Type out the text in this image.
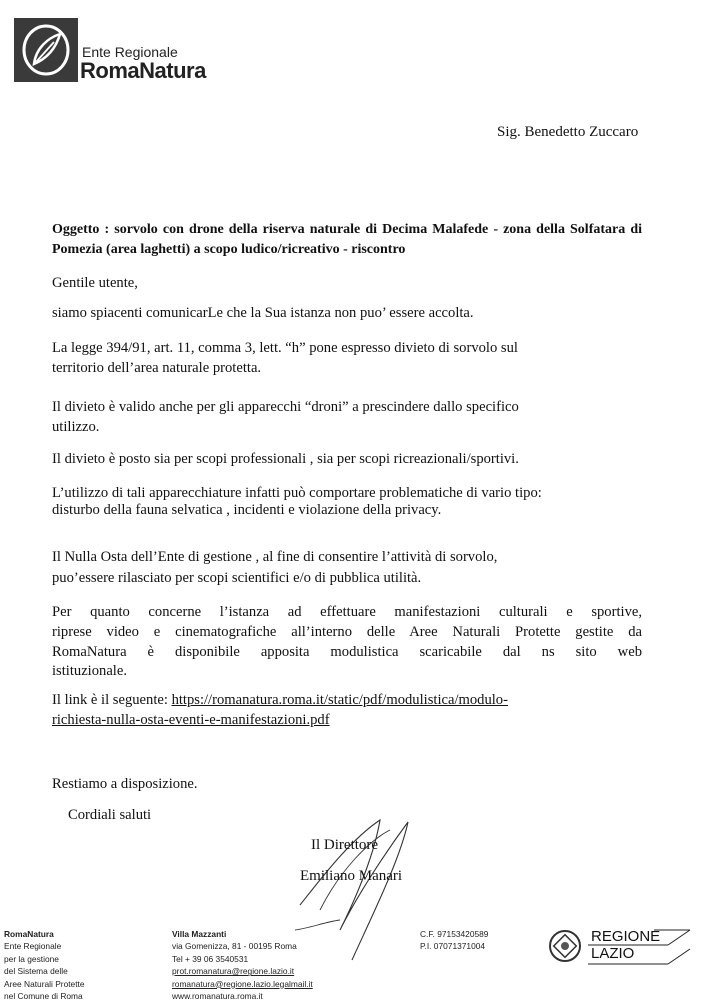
Ente Regionale
RomaNatura
Sig. Benedetto Zuccaro
Oggetto : sorvolo con drone della riserva naturale di Decima Malafede - zona della Solfatara di Pomezia (area laghetti) a scopo ludico/ricreativo - riscontro
Gentile utente,
siamo spiacenti comunicarLe che la Sua istanza non puo’ essere accolta.
La legge 394/91, art. 11, comma 3, lett. “h” pone espresso divieto di sorvolo sul
territorio dell’area naturale protetta.
Il divieto è valido anche per gli apparecchi “droni” a prescindere dallo specifico
utilizzo.
Il divieto è posto sia per scopi professionali , sia per scopi ricreazionali/sportivi.
L’utilizzo di tali apparecchiature infatti può comportare problematiche di vario tipo:
disturbo della fauna selvatica , incidenti e violazione della privacy.
Il Nulla Osta dell’Ente di gestione , al fine di consentire l’attività di sorvolo,
puo’essere rilasciato per scopi scientifici e/o di pubblica utilità.
Per quanto concerne l’istanza ad effettuare manifestazioni culturali e sportive,
riprese video e cinematografiche all’interno delle Aree Naturali Protette gestite da
RomaNatura è disponibile apposita modulistica scaricabile dal ns sito web
istituzionale.
Il link è il seguente: https://romanatura.roma.it/static/pdf/modulistica/modulo-
richiesta-nulla-osta-eventi-e-manifestazioni.pdf
Restiamo a disposizione.
Cordiali saluti
Il Direttore
Emiliano Manari
RomaNatura
Ente Regionale
per la gestione
del Sistema delle
Aree Naturali Protette
nel Comune di Roma
Villa Mazzanti
via Gomenizza, 81 - 00195 Roma
Tel + 39 06 3540531
prot.romanatura@regione.lazio.it
romanatura@regione.lazio.legalmail.it
www.romanatura.roma.it
C.F. 97153420589
P.I. 07071371004
REGIONE
LAZIO
